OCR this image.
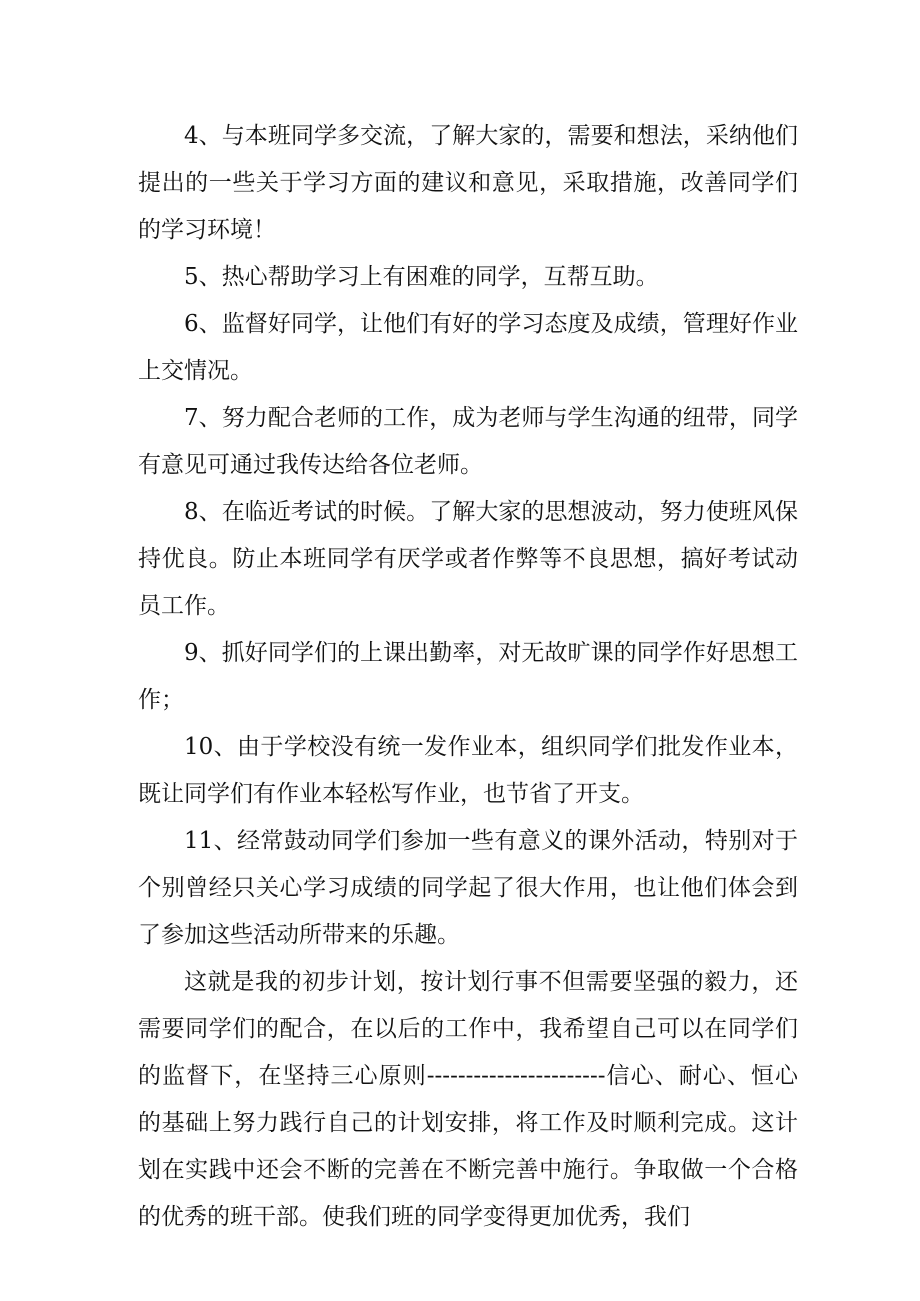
4、与本班同学多交流，了解大家的，需要和想法，采纳他们提出的一些关于学习方面的建议和意见，采取措施，改善同学们的学习环境！

5、热心帮助学习上有困难的同学，互帮互助。

6、监督好同学，让他们有好的学习态度及成绩，管理好作业上交情况。

7、努力配合老师的工作，成为老师与学生沟通的纽带，同学有意见可通过我传达给各位老师。

8、在临近考试的时候。了解大家的思想波动，努力使班风保持优良。防止本班同学有厌学或者作弊等不良思想，搞好考试动员工作。

9、抓好同学们的上课出勤率，对无故旷课的同学作好思想工作；

10、由于学校没有统一发作业本，组织同学们批发作业本，既让同学们有作业本轻松写作业，也节省了开支。

11、经常鼓动同学们参加一些有意义的课外活动，特别对于个别曾经只关心学习成绩的同学起了很大作用，也让他们体会到了参加这些活动所带来的乐趣。

这就是我的初步计划，按计划行事不但需要坚强的毅力，还需要同学们的配合，在以后的工作中，我希望自己可以在同学们的监督下，在坚持三心原则-----------------------信心、耐心、恒心的基础上努力践行自己的计划安排，将工作及时顺利完成。这计划在实践中还会不断的完善在不断完善中施行。争取做一个合格的优秀的班干部。使我们班的同学变得更加优秀，我们
